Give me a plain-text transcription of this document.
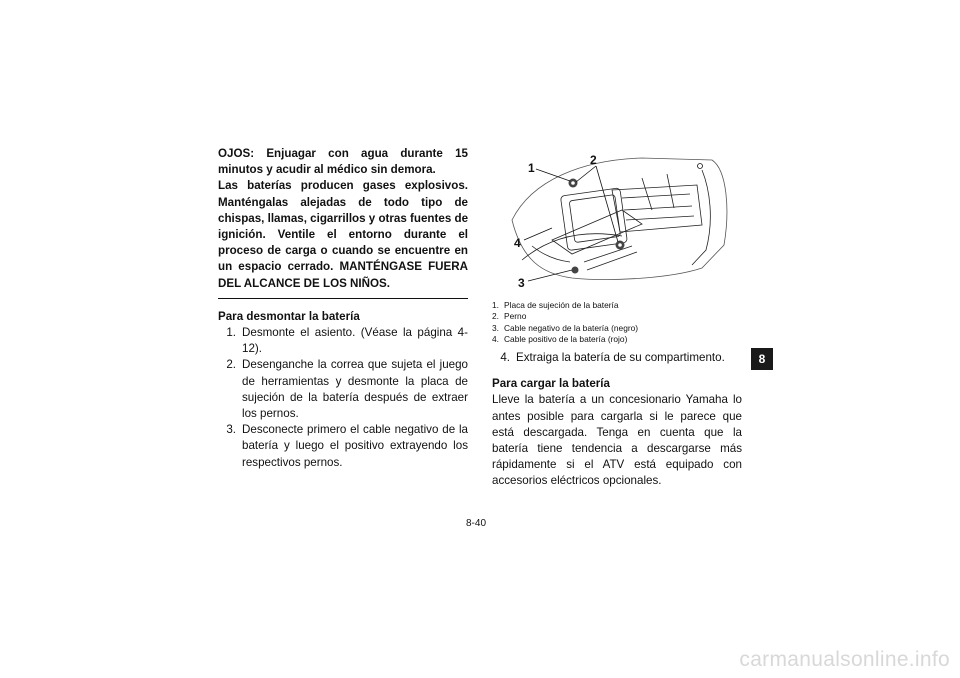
OJOS: Enjuagar con agua durante 15 minutos y acudir al médico sin demora.

Las baterías producen gases explosivos. Manténgalas alejadas de todo tipo de chispas, llamas, cigarrillos y otras fuentes de ignición. Ventile el entorno durante el proceso de carga o cuando se encuentre en un espacio cerrado. MANTÉNGASE FUERA DEL ALCANCE DE LOS NIÑOS.

Para desmontar la batería
1. Desmonte el asiento. (Véase la página 4-12).
2. Desenganche la correa que sujeta el juego de herramientas y desmonte la placa de sujeción de la batería después de extraer los pernos.
3. Desconecte primero el cable negativo de la batería y luego el positivo extrayendo los respectivos pernos.
1
2
3
4
1. Placa de sujeción de la batería
2. Perno
3. Cable negativo de la batería (negro)
4. Cable positivo de la batería (rojo)
4. Extraiga la batería de su compartimento.
Para cargar la batería

Lleve la batería a un concesionario Yamaha lo antes posible para cargarla si le parece que está descargada. Tenga en cuenta que la batería tiene tendencia a descargarse más rápidamente si el ATV está equipado con accesorios eléctricos opcionales.

8
8-40
carmanualsonline.info
